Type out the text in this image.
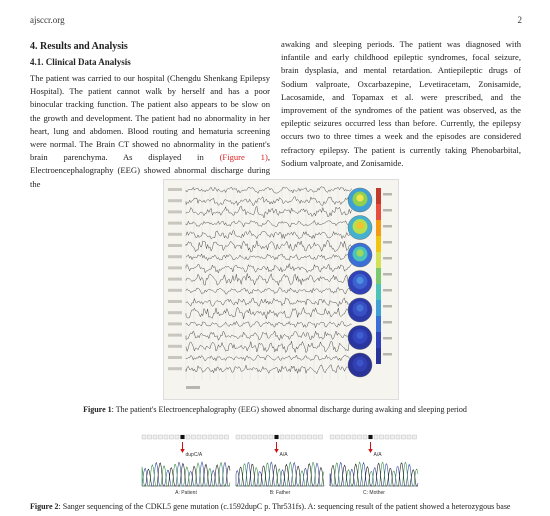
ajsccr.org	2
4. Results and Analysis
4.1. Clinical Data Analysis

The patient was carried to our hospital (Chengdu Shenkang Epilepsy Hospital). The patient cannot walk by herself and has a poor binocular tracking function. The patient also appears to be slow on the growth and development. The patient had no abnormality in her heart, lung and abdomen. Blood routing and hematuria screening were normal. The Brain CT showed no abnormality in the patient's brain parenchyma. As displayed in (Figure 1), Electroencephalography (EEG) showed abnormal discharge during the

awaking and sleeping periods. The patient was diagnosed with infantile and early childhood epileptic syndromes, focal seizure, brain dysplasia, and mental retardation. Antiepileptic drugs of Sodium valproate, Oxcarbazepine, Levetiracetam, Zonisamide, Lacosamide, and Topamax et al. were prescribed, and the improvement of the syndromes of the patient was observed, as the epileptic seizures occurred less than before. Currently, the epilepsy occurs two to three times a week and the episodes are considered refractory epilepsy. The patient is currently taking Phenobarbital, Sodium valproate, and Zonisamide.

Figure 1: The patient's Electroencephalography (EEG) showed abnormal discharge during awaking and sleeping period
dupC/A
A: Patient
A/A
B: Father
A/A
C: Mother
Figure 2: Sanger sequencing of the CDKL5 gene mutation (c.1592dupC p. Thr531fs). A: sequencing result of the patient showed a heterozygous base
